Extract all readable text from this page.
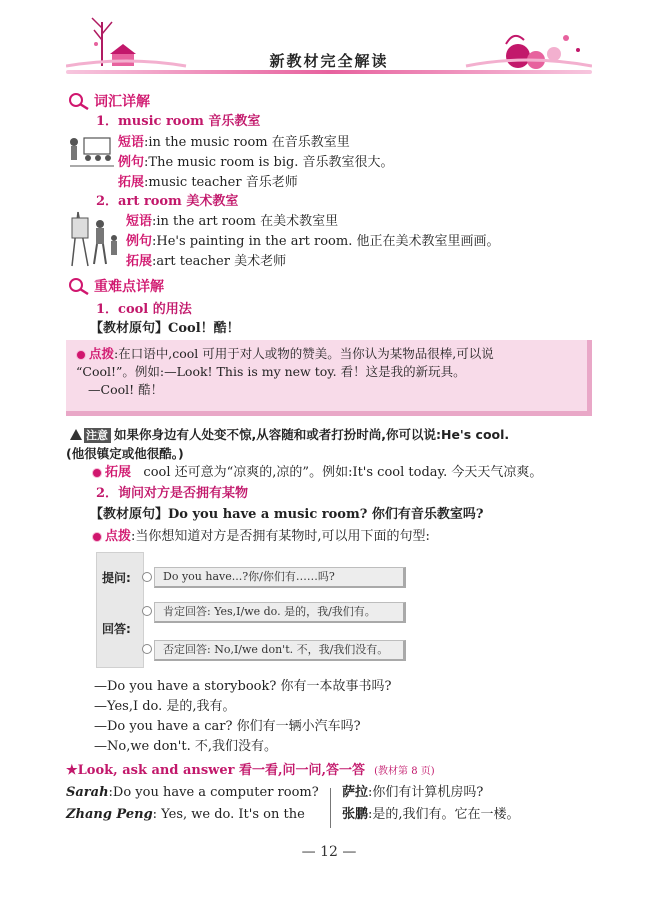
新教材完全解读
词汇详解
1．music room 音乐教室
短语:in the music room 在音乐教室里
例句:The music room is big. 音乐教室很大。
拓展:music teacher 音乐老师
2．art room 美术教室
短语:in the art room 在美术教室里
例句:He's painting in the art room. 他正在美术教室里画画。
拓展:art teacher 美术老师
重难点详解
1．cool 的用法
【教材原句】Cool！酷！
点拨:在口语中,cool 可用于对人或物的赞美。当你认为某物品很棒,可以说
“Cool!”。例如:—Look! This is my new toy. 看！这是我的新玩具。
—Cool! 酷！
注意 如果你身边有人处变不惊,从容随和或者打扮时尚,你可以说:He's cool.
(他很镇定或他很酷。)
拓展 cool 还可意为“凉爽的,凉的”。例如:It's cool today. 今天天气凉爽。
2．询问对方是否拥有某物
【教材原句】Do you have a music room? 你们有音乐教室吗?
点拨:当你想知道对方是否拥有某物时,可以用下面的句型:
提问:
回答:
Do you have...?你/你们有……吗?
肯定回答: Yes,I/we do. 是的，我/我们有。
否定回答: No,I/we don't. 不，我/我们没有。
—Do you have a storybook? 你有一本故事书吗?
—Yes,I do. 是的,我有。
—Do you have a car? 你们有一辆小汽车吗?
—No,we don't. 不,我们没有。
★Look, ask and answer 看一看,问一问,答一答 (教材第 8 页)
Sarah:Do you have a computer room?
Zhang Peng: Yes, we do. It's on the
萨拉:你们有计算机房吗?
张鹏:是的,我们有。它在一楼。
— 12 —
